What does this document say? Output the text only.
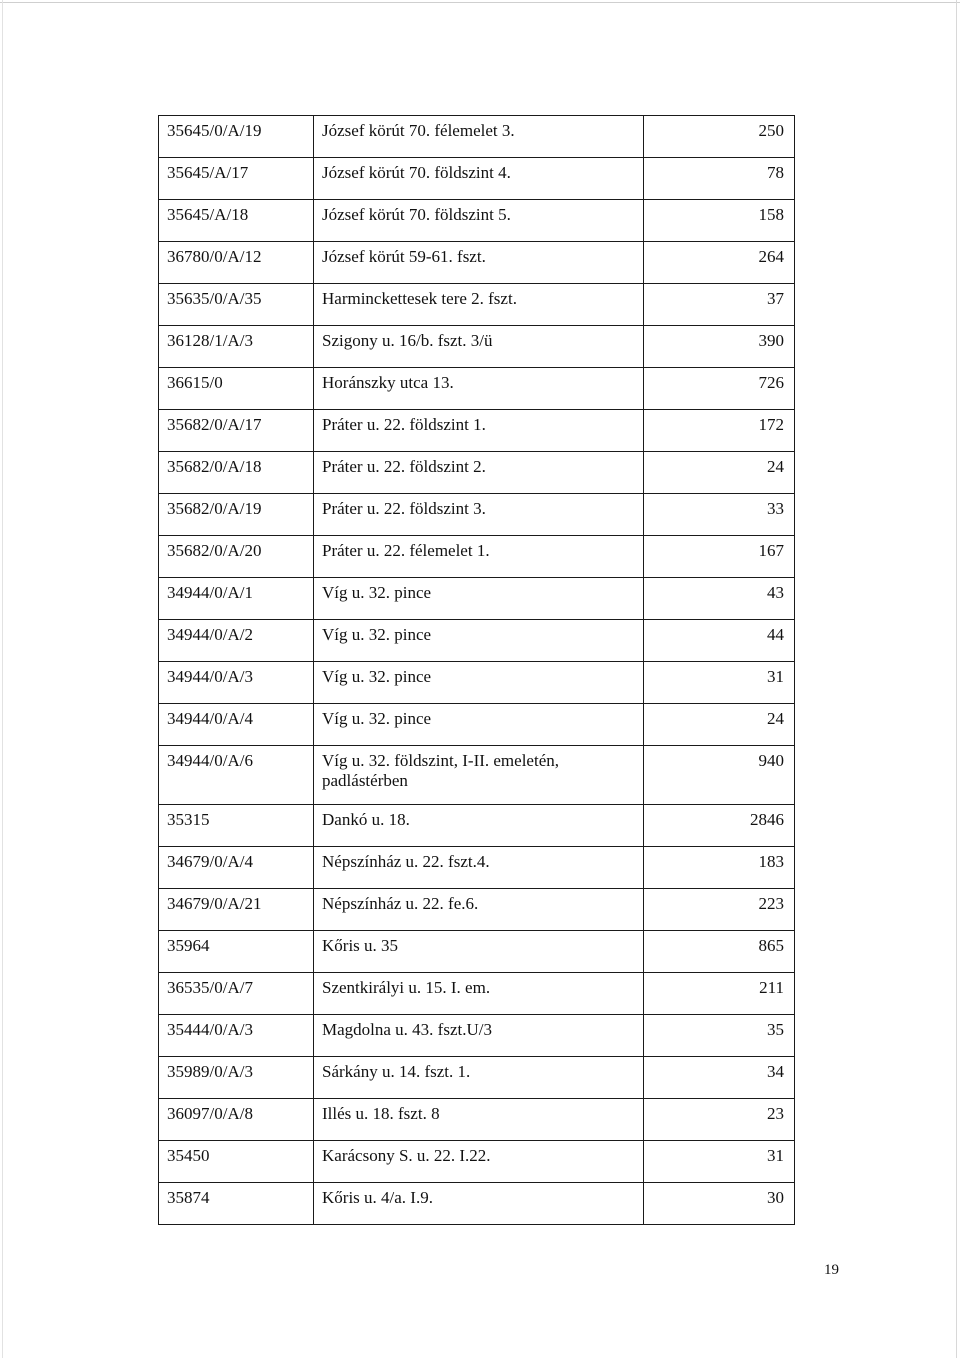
35645/0/A/19	József körút 70. félemelet 3.	250
35645/A/17	József körút 70. földszint 4.	78
35645/A/18	József körút 70. földszint 5.	158
36780/0/A/12	József körút 59-61. fszt.	264
35635/0/A/35	Harminckettesek tere 2. fszt.	37
36128/1/A/3	Szigony u. 16/b. fszt. 3/ü	390
36615/0	Horánszky utca 13.	726
35682/0/A/17	Práter u. 22. földszint 1.	172
35682/0/A/18	Práter u. 22. földszint 2.	24
35682/0/A/19	Práter u. 22. földszint 3.	33
35682/0/A/20	Práter u. 22. félemelet 1.	167
34944/0/A/1	Víg u. 32. pince	43
34944/0/A/2	Víg u. 32. pince	44
34944/0/A/3	Víg u. 32. pince	31
34944/0/A/4	Víg u. 32. pince	24
34944/0/A/6	Víg u. 32. földszint, I-II. emeletén, padlástérben	940
35315	Dankó u. 18.	2846
34679/0/A/4	Népszínház u. 22. fszt.4.	183
34679/0/A/21	Népszínház u. 22. fe.6.	223
35964	Kőris u. 35	865
36535/0/A/7	Szentkirályi u. 15. I. em.	211
35444/0/A/3	Magdolna u. 43. fszt.U/3	35
35989/0/A/3	Sárkány u. 14. fszt. 1.	34
36097/0/A/8	Illés u. 18. fszt. 8	23
35450	Karácsony S. u. 22. I.22.	31
35874	Kőris u. 4/a. I.9.	30
19
